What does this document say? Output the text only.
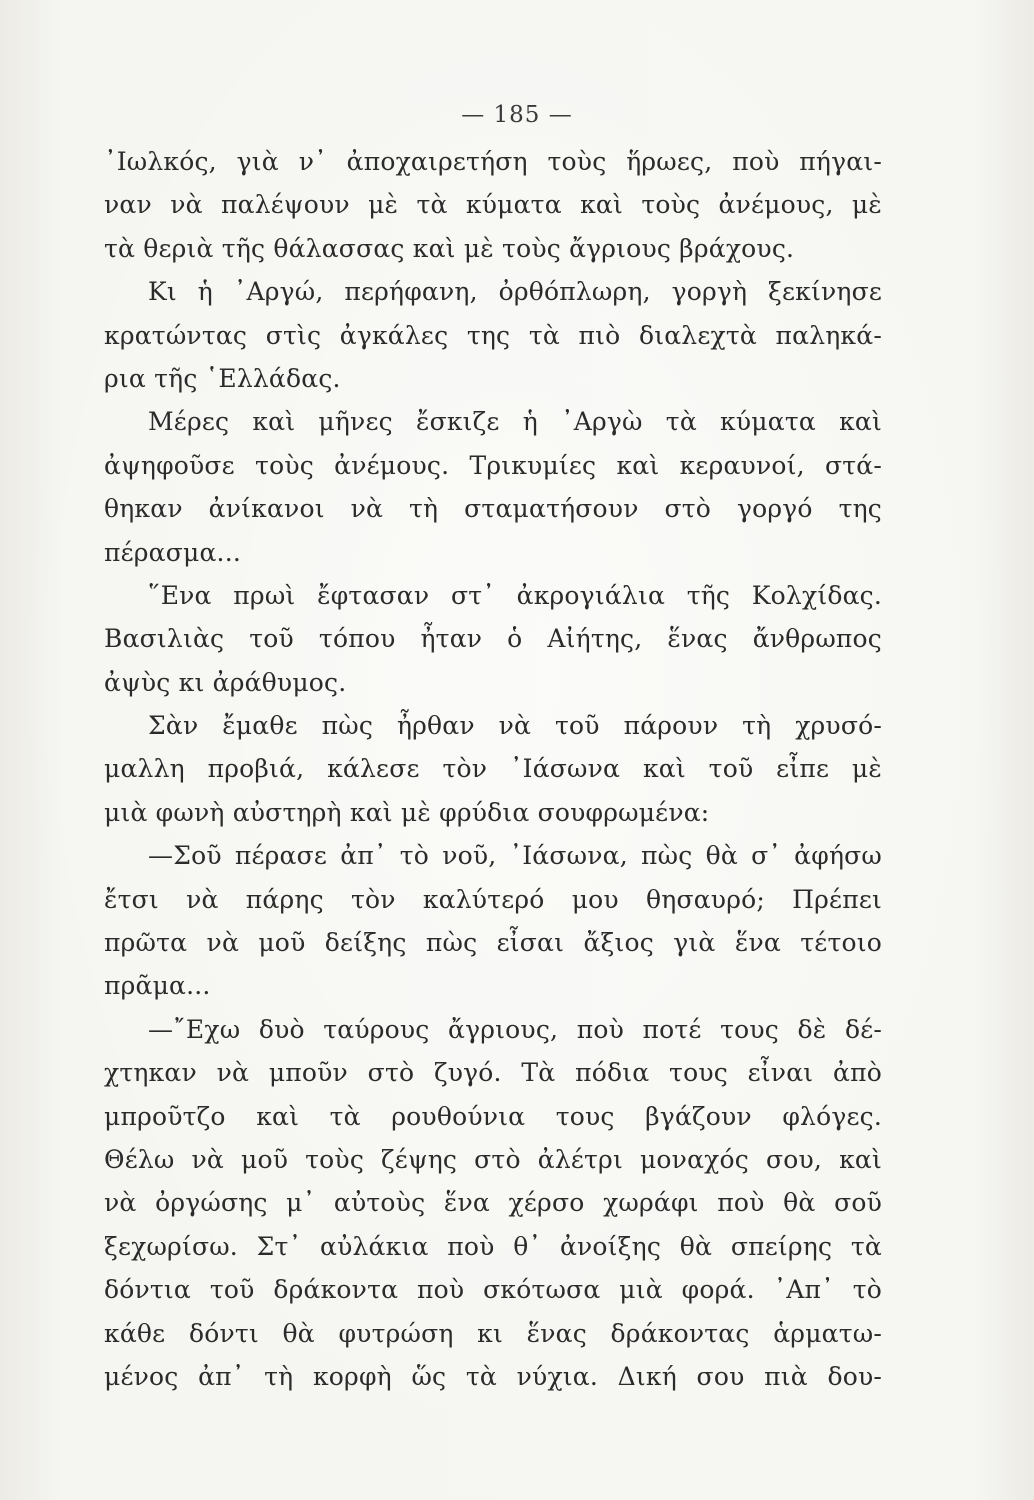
— 185 —
᾿Ιωλκός, γιὰ ν᾿ ἀποχαιρετήση τοὺς ἥρωες, ποὺ πήγαι-
ναν νὰ παλέψουν μὲ τὰ κύματα καὶ τοὺς ἀνέμους, μὲ
τὰ θεριὰ τῆς θάλασσας καὶ μὲ τοὺς ἄγριους βράχους.
Κι ἡ ᾿Αργώ, περήφανη, ὀρθόπλωρη, γοργὴ ξεκίνησε
κρατώντας στὶς ἀγκάλες της τὰ πιὸ διαλεχτὰ παληκά-
ρια τῆς ῾Ελλάδας.
Μέρες καὶ μῆνες ἔσκιζε ἡ ᾿Αργὼ τὰ κύματα καὶ
ἀψηφοῦσε τοὺς ἀνέμους. Τρικυμίες καὶ κεραυνοί, στά-
θηκαν ἀνίκανοι νὰ τὴ σταματήσουν στὸ γοργό της
πέρασμα...
῞Ενα πρωὶ ἔφτασαν στ᾿ ἀκρογιάλια τῆς Κολχίδας.
Βασιλιὰς τοῦ τόπου ἦταν ὁ Αἰήτης, ἕνας ἄνθρωπος
ἀψὺς κι ἀράθυμος.
Σὰν ἔμαθε πὼς ἦρθαν νὰ τοῦ πάρουν τὴ χρυσό-
μαλλη προβιά, κάλεσε τὸν ᾿Ιάσωνα καὶ τοῦ εἶπε μὲ
μιὰ φωνὴ αὐστηρὴ καὶ μὲ φρύδια σουφρωμένα:
—Σοῦ πέρασε ἀπ᾿ τὸ νοῦ, ᾿Ιάσωνα, πὼς θὰ σ᾿ ἀφήσω
ἔτσι νὰ πάρης τὸν καλύτερό μου θησαυρό; Πρέπει
πρῶτα νὰ μοῦ δείξης πὼς εἶσαι ἄξιος γιὰ ἕνα τέτοιο
πρᾶμα...
—῎Εχω δυὸ ταύρους ἄγριους, ποὺ ποτέ τους δὲ δέ-
χτηκαν νὰ μποῦν στὸ ζυγό. Τὰ πόδια τους εἶναι ἀπὸ
μπροῦτζο καὶ τὰ ρουθούνια τους βγάζουν φλόγες.
Θέλω νὰ μοῦ τοὺς ζέψης στὸ ἀλέτρι μοναχός σου, καὶ
νὰ ὀργώσης μ᾿ αὐτοὺς ἕνα χέρσο χωράφι ποὺ θὰ σοῦ
ξεχωρίσω. Στ᾿ αὐλάκια ποὺ θ᾿ ἀνοίξης θὰ σπείρης τὰ
δόντια τοῦ δράκοντα ποὺ σκότωσα μιὰ φορά. ᾿Απ᾿ τὸ
κάθε δόντι θὰ φυτρώση κι ἕνας δράκοντας ἁρματω-
μένος ἀπ᾿ τὴ κορφὴ ὥς τὰ νύχια. Δική σου πιὰ δου-
